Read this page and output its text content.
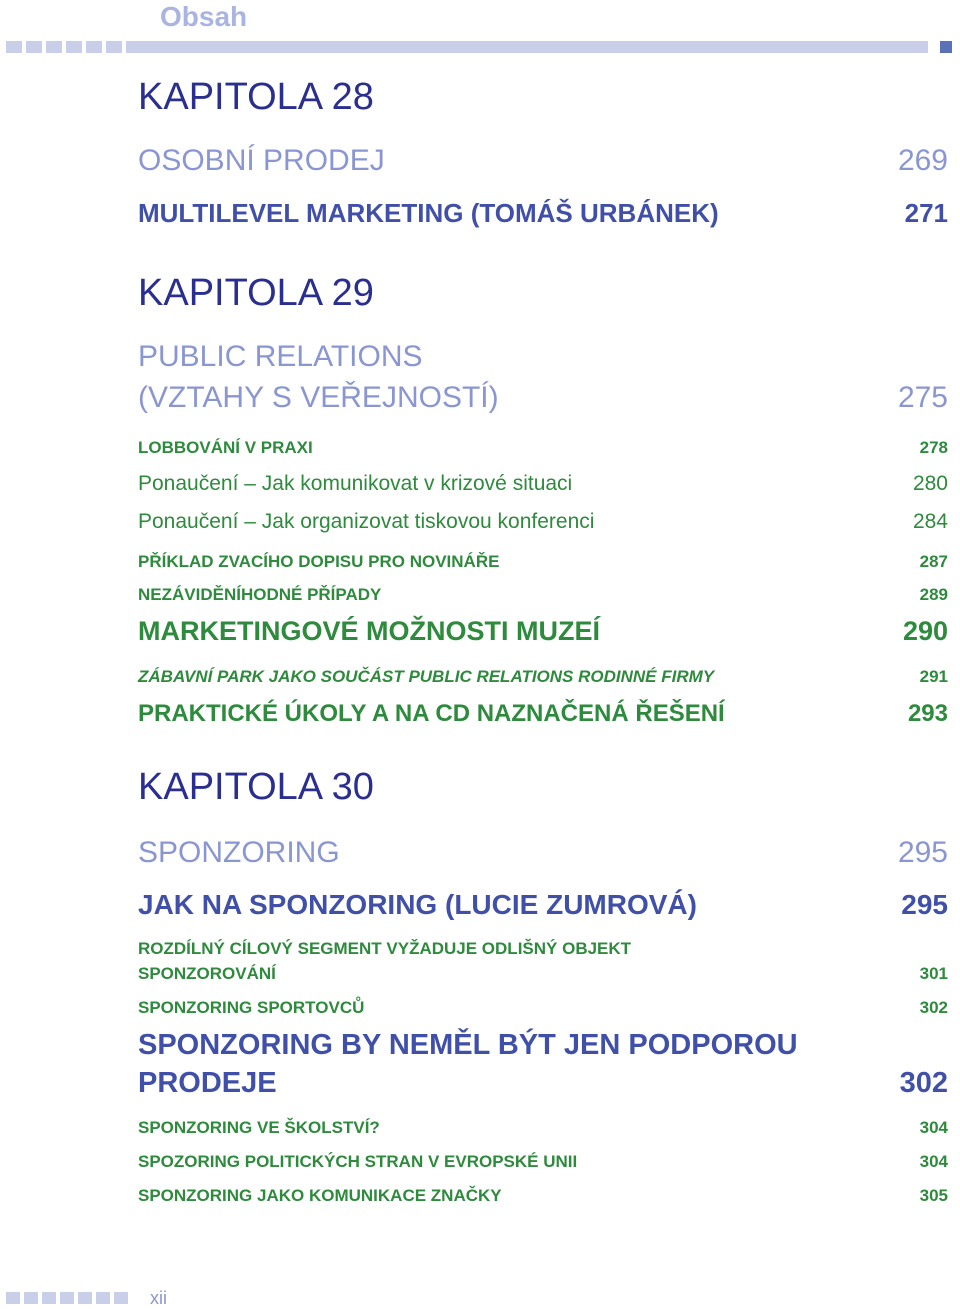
Obsah
KAPITOLA 28
OSOBNÍ PRODEJ	269
MULTILEVEL MARKETING (TOMÁŠ URBÁNEK)	271
KAPITOLA 29
PUBLIC RELATIONS
(VZTAHY S VEŘEJNOSTÍ)	275
LOBBOVÁNÍ V PRAXI	278
Ponaučení – Jak komunikovat v krizové situaci	280
Ponaučení – Jak organizovat tiskovou konferenci	284
PŘÍKLAD ZVACÍHO DOPISU PRO NOVINÁŘE	287
NEZÁVIDĚNÍHODNÉ PŘÍPADY	289
MARKETINGOVÉ MOŽNOSTI MUZEÍ	290
ZÁBAVNÍ PARK JAKO SOUČÁST PUBLIC RELATIONS RODINNÉ FIRMY	291
PRAKTICKÉ ÚKOLY A NA CD NAZNAČENÁ ŘEŠENÍ	293
KAPITOLA 30
SPONZORING	295
JAK NA SPONZORING (LUCIE ZUMROVÁ)	295
ROZDÍLNÝ CÍLOVÝ SEGMENT VYŽADUJE ODLIŠNÝ OBJEKT
SPONZOROVÁNÍ	301
SPONZORING SPORTOVCŮ	302
SPONZORING BY NEMĚL BÝT JEN PODPOROU
PRODEJE	302
SPONZORING VE ŠKOLSTVÍ?	304
SPOZORING POLITICKÝCH STRAN V EVROPSKÉ UNII	304
SPONZORING JAKO KOMUNIKACE ZNAČKY	305
xii
